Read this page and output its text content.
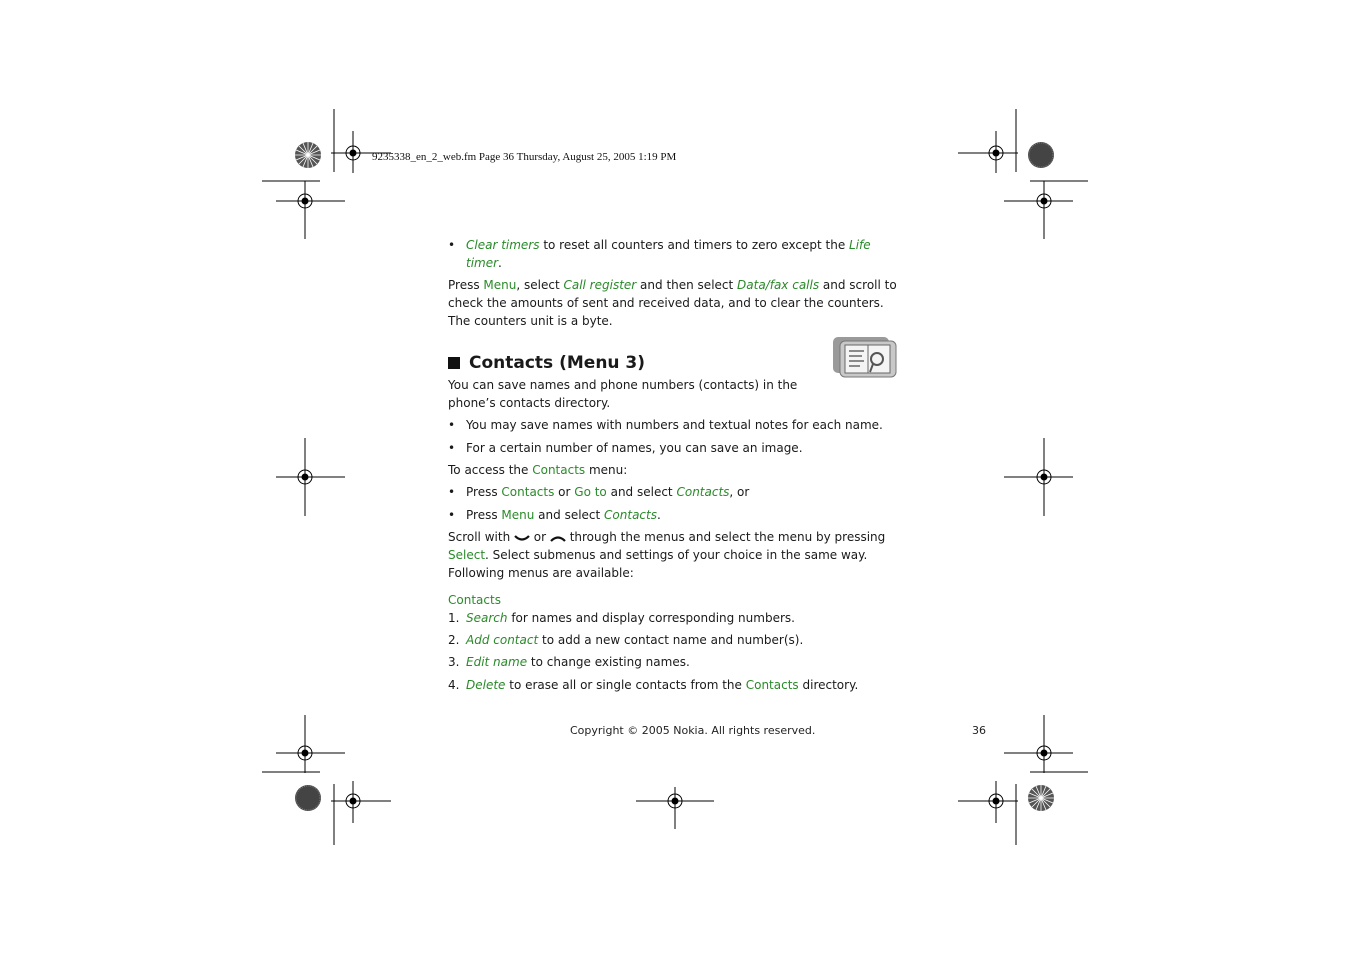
9235338_en_2_web.fm Page 36 Thursday, August 25, 2005 1:19 PM
• Clear timers to reset all counters and timers to zero except the Life timer.

Press Menu, select Call register and then select Data/fax calls and scroll to check the amounts of sent and received data, and to clear the counters. The counters unit is a byte.

Contacts (Menu 3)

You can save names and phone numbers (contacts) in the phone’s contacts directory.

• You may save names with numbers and textual notes for each name.
• For a certain number of names, you can save an image.

To access the Contacts menu:

• Press Contacts or Go to and select Contacts, or
• Press Menu and select Contacts.

Scroll with  or  through the menus and select the menu by pressing Select. Select submenus and settings of your choice in the same way. Following menus are available:

Contacts

1. Search for names and display corresponding numbers.
2. Add contact to add a new contact name and number(s).
3. Edit name to change existing names.
4. Delete to erase all or single contacts from the Contacts directory.
Copyright © 2005 Nokia. All rights reserved.	36
